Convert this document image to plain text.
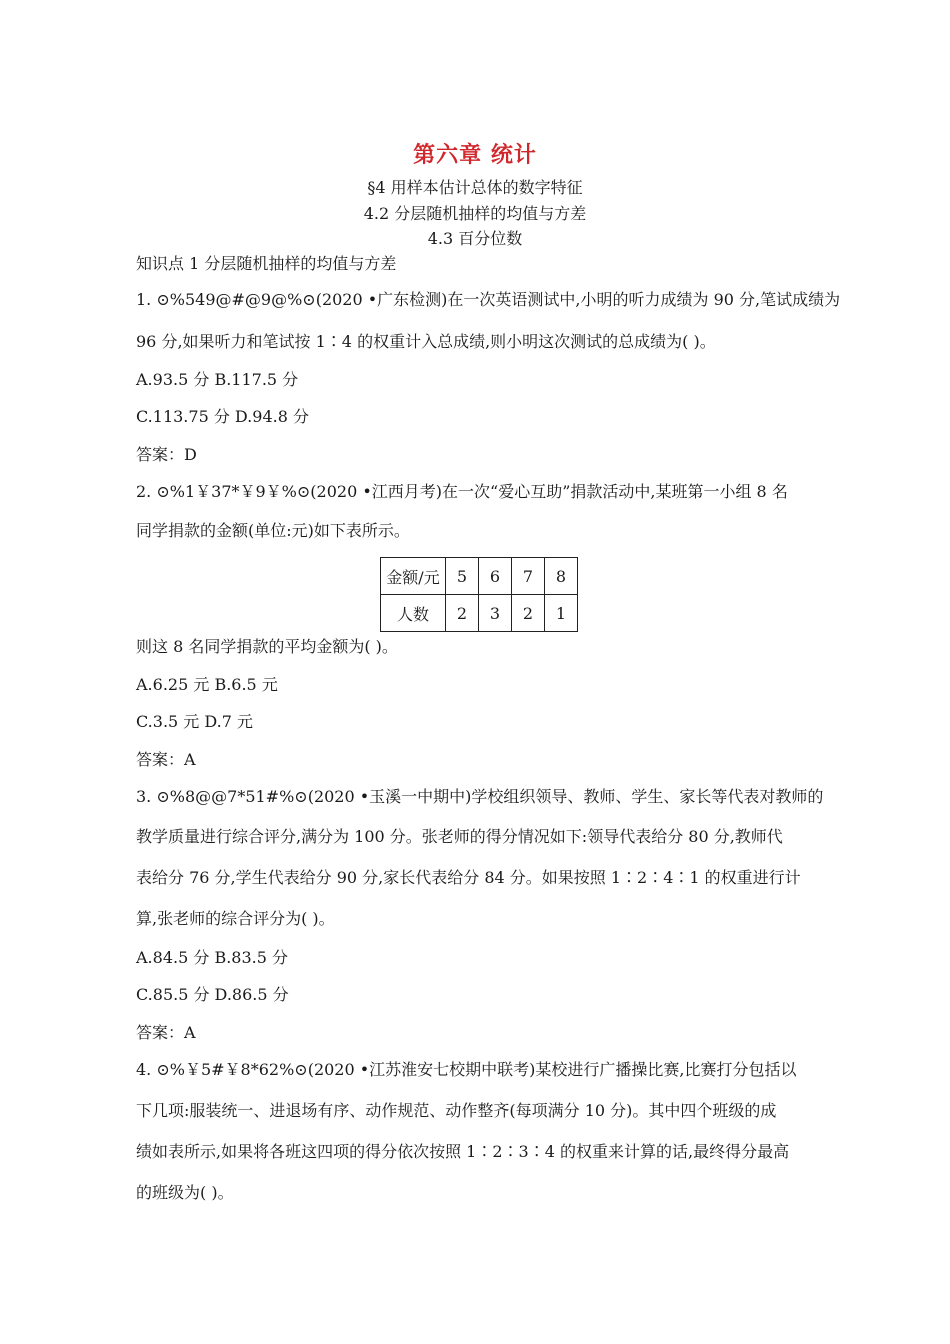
第六章 统计
§4 用样本估计总体的数字特征
4.2 分层随机抽样的均值与方差
4.3 百分位数
知识点 1 分层随机抽样的均值与方差
1. ⊙%549@#@9@%⊙(2020 •广东检测)在一次英语测试中,小明的听力成绩为 90 分,笔试成绩为
96 分,如果听力和笔试按 1∶4 的权重计入总成绩,则小明这次测试的总成绩为( )。
A.93.5 分 B.117.5 分
C.113.75 分 D.94.8 分
答案：D
2. ⊙%1￥37*￥9￥%⊙(2020 •江西月考)在一次“爱心互助”捐款活动中,某班第一小组 8 名
同学捐款的金额(单位:元)如下表所示。
金额/元	5	6	7	8
人数	2	3	2	1
则这 8 名同学捐款的平均金额为( )。
A.6.25 元 B.6.5 元
C.3.5 元 D.7 元
答案：A
3. ⊙%8@@7*51#%⊙(2020 •玉溪一中期中)学校组织领导、教师、学生、家长等代表对教师的
教学质量进行综合评分,满分为 100 分。张老师的得分情况如下:领导代表给分 80 分,教师代
表给分 76 分,学生代表给分 90 分,家长代表给分 84 分。如果按照 1∶2∶4∶1 的权重进行计
算,张老师的综合评分为( )。
A.84.5 分 B.83.5 分
C.85.5 分 D.86.5 分
答案：A
4. ⊙%￥5#￥8*62%⊙(2020 •江苏淮安七校期中联考)某校进行广播操比赛,比赛打分包括以
下几项:服装统一、进退场有序、动作规范、动作整齐(每项满分 10 分)。其中四个班级的成
绩如表所示,如果将各班这四项的得分依次按照 1∶2∶3∶4 的权重来计算的话,最终得分最高
的班级为( )。
